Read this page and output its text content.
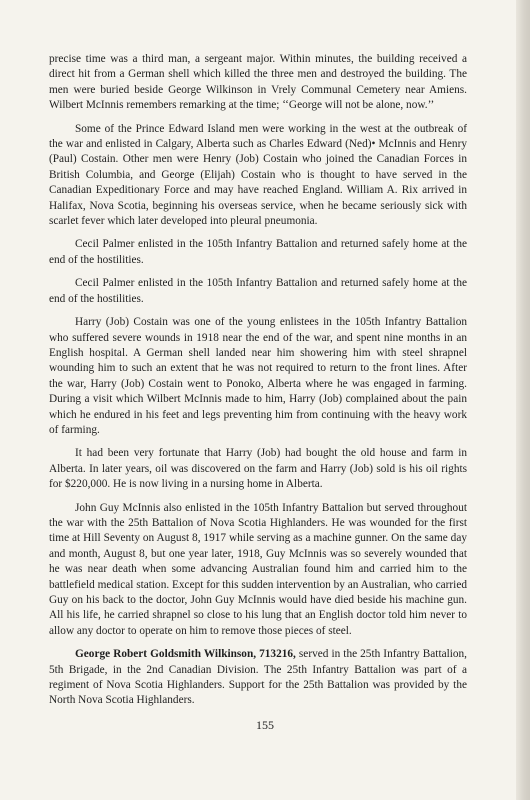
precise time was a third man, a sergeant major. Within minutes, the building received a direct hit from a German shell which killed the three men and destroyed the building. The men were buried beside George Wilkinson in Vrely Communal Cemetery near Amiens. Wilbert McInnis remembers remarking at the time; ‘‘George will not be alone, now.’’

Some of the Prince Edward Island men were working in the west at the outbreak of the war and enlisted in Calgary, Alberta such as Charles Edward (Ned)• McInnis and Henry (Paul) Costain. Other men were Henry (Job) Costain who joined the Canadian Forces in British Columbia, and George (Elijah) Costain who is thought to have served in the Canadian Expeditionary Force and may have reached England. William A. Rix arrived in Halifax, Nova Scotia, beginning his overseas service, when he became seriously sick with scarlet fever which later developed into pleural pneumonia.

Cecil Palmer enlisted in the 105th Infantry Battalion and returned safely home at the end of the hostilities.

Cecil Palmer enlisted in the 105th Infantry Battalion and returned safely home at the end of the hostilities.

Harry (Job) Costain was one of the young enlistees in the 105th Infantry Battalion who suffered severe wounds in 1918 near the end of the war, and spent nine months in an English hospital. A German shell landed near him showering him with steel shrapnel wounding him to such an extent that he was not required to return to the front lines. After the war, Harry (Job) Costain went to Ponoko, Alberta where he was engaged in farming. During a visit which Wilbert McInnis made to him, Harry (Job) complained about the pain which he endured in his feet and legs preventing him from continuing with the heavy work of farming.

It had been very fortunate that Harry (Job) had bought the old house and farm in Alberta. In later years, oil was discovered on the farm and Harry (Job) sold is his oil rights for $220,000. He is now living in a nursing home in Alberta.

John Guy McInnis also enlisted in the 105th Infantry Battalion but served throughout the war with the 25th Battalion of Nova Scotia Highlanders. He was wounded for the first time at Hill Seventy on August 8, 1917 while serving as a machine gunner. On the same day and month, August 8, but one year later, 1918, Guy McInnis was so severely wounded that he was near death when some advancing Australian found him and carried him to the battlefield medical station. Except for this sudden intervention by an Australian, who carried Guy on his back to the doctor, John Guy McInnis would have died beside his machine gun. All his life, he carried shrapnel so close to his lung that an English doctor told him never to allow any doctor to operate on him to remove those pieces of steel.

George Robert Goldsmith Wilkinson, 713216, served in the 25th Infantry Battalion, 5th Brigade, in the 2nd Canadian Division. The 25th Infantry Battalion was part of a regiment of Nova Scotia Highlanders. Support for the 25th Battalion was provided by the North Nova Scotia Highlanders.

155
